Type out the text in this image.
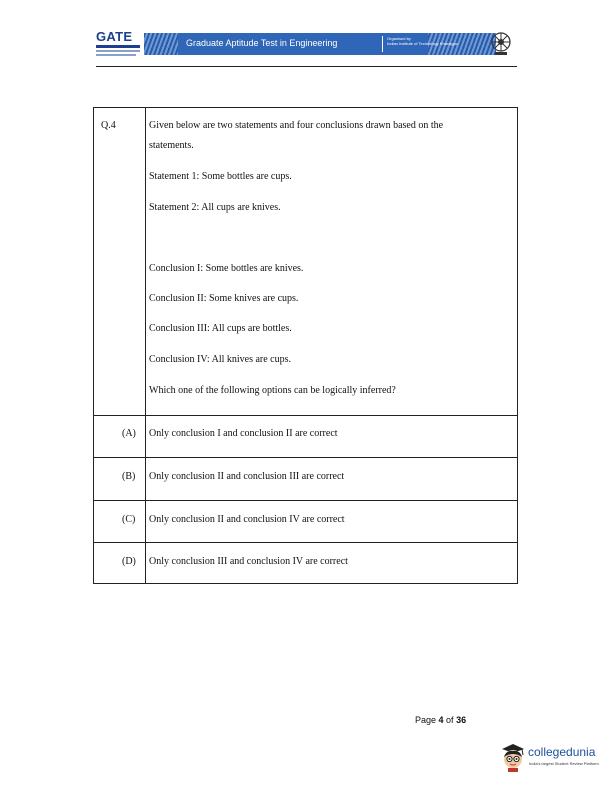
GATE	Graduate Aptitude Test in Engineering	Organised by
Indian Institute of Technology Kharagpur
Q.4	Given below are two statements and four conclusions drawn based on the
statements.
Statement 1: Some bottles are cups.
Statement 2: All cups are knives.
Conclusion I: Some bottles are knives.
Conclusion II: Some knives are cups.
Conclusion III: All cups are bottles.
Conclusion IV: All knives are cups.
Which one of the following options can be logically inferred?
(A) Only conclusion I and conclusion II are correct
(B) Only conclusion II and conclusion III are correct
(C) Only conclusion II and conclusion IV are correct
(D) Only conclusion III and conclusion IV are correct
Page 4 of 36
collegedunia
India's largest Student Review Platform
